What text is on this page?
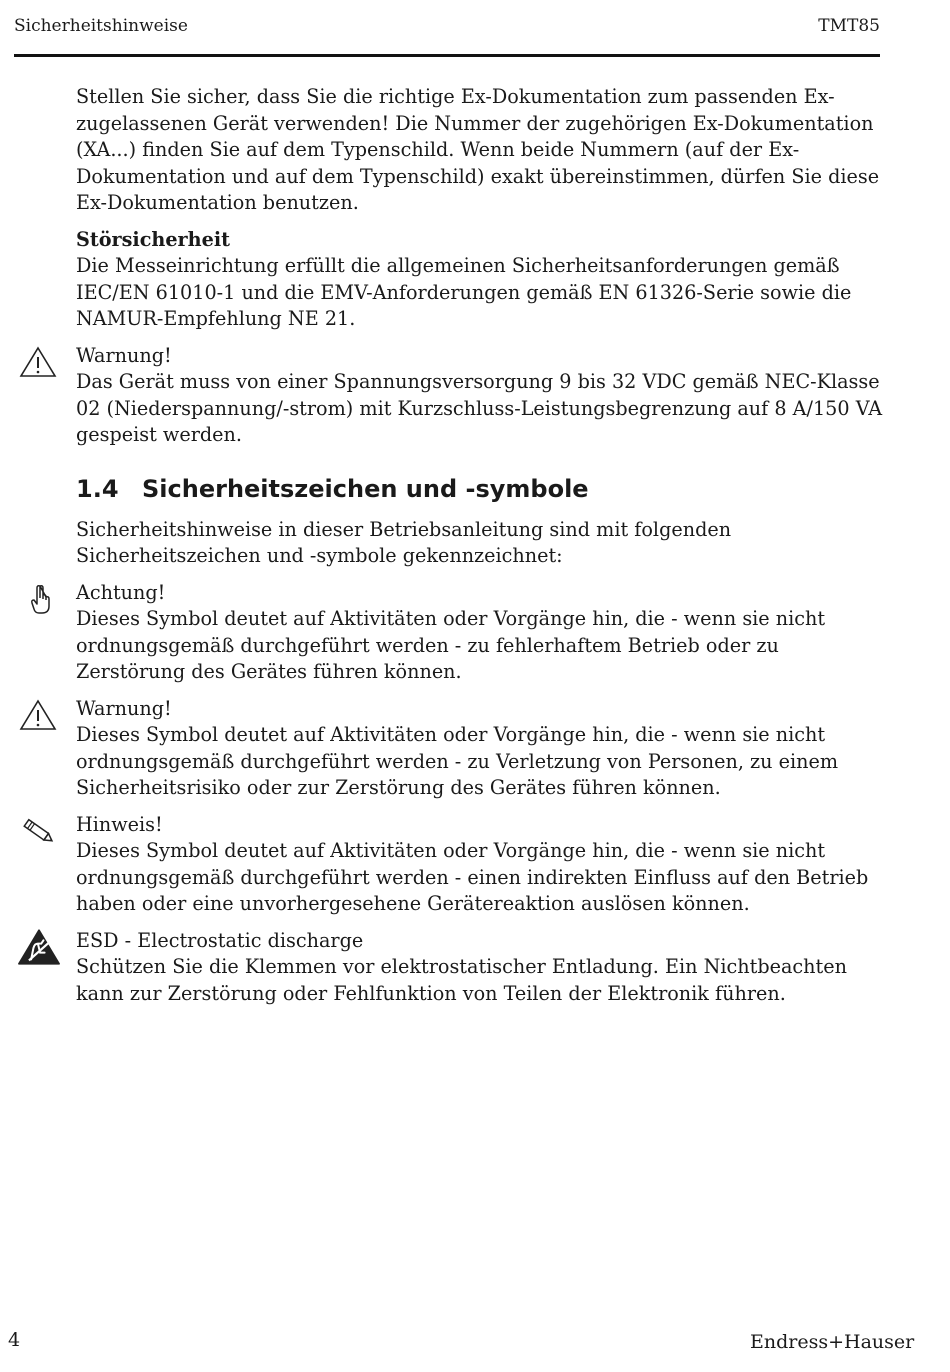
Sicherheitshinweise	TMT85

Stellen Sie sicher, dass Sie die richtige Ex-Dokumentation zum passenden Ex-zugelassenen Gerät verwenden! Die Nummer der zugehörigen Ex-Dokumentation (XA...) finden Sie auf dem Typenschild. Wenn beide Nummern (auf der Ex-Dokumentation und auf dem Typenschild) exakt übereinstimmen, dürfen Sie diese Ex-Dokumentation benutzen.

Störsicherheit

Die Messeinrichtung erfüllt die allgemeinen Sicherheitsanforderungen gemäß IEC/EN 61010-1 und die EMV-Anforderungen gemäß EN 61326-Serie sowie die NAMUR-Empfehlung NE 21.

Warnung!

Das Gerät muss von einer Spannungsversorgung 9 bis 32 VDC gemäß NEC-Klasse 02 (Niederspannung/-strom) mit Kurzschluss-Leistungsbegrenzung auf 8 A/150 VA gespeist werden.

1.4 Sicherheitszeichen und -symbole

Sicherheitshinweise in dieser Betriebsanleitung sind mit folgenden Sicherheitszeichen und -symbole gekennzeichnet:

Achtung!

Dieses Symbol deutet auf Aktivitäten oder Vorgänge hin, die - wenn sie nicht ordnungsgemäß durchgeführt werden - zu fehlerhaftem Betrieb oder zu Zerstörung des Gerätes führen können.

Warnung!

Dieses Symbol deutet auf Aktivitäten oder Vorgänge hin, die - wenn sie nicht ordnungsgemäß durchgeführt werden - zu Verletzung von Personen, zu einem Sicherheitsrisiko oder zur Zerstörung des Gerätes führen können.

Hinweis!

Dieses Symbol deutet auf Aktivitäten oder Vorgänge hin, die - wenn sie nicht ordnungsgemäß durchgeführt werden - einen indirekten Einfluss auf den Betrieb haben oder eine unvorhergesehene Gerätereaktion auslösen können.

ESD - Electrostatic discharge

Schützen Sie die Klemmen vor elektrostatischer Entladung. Ein Nichtbeachten kann zur Zerstörung oder Fehlfunktion von Teilen der Elektronik führen.

4	Endress+Hauser
